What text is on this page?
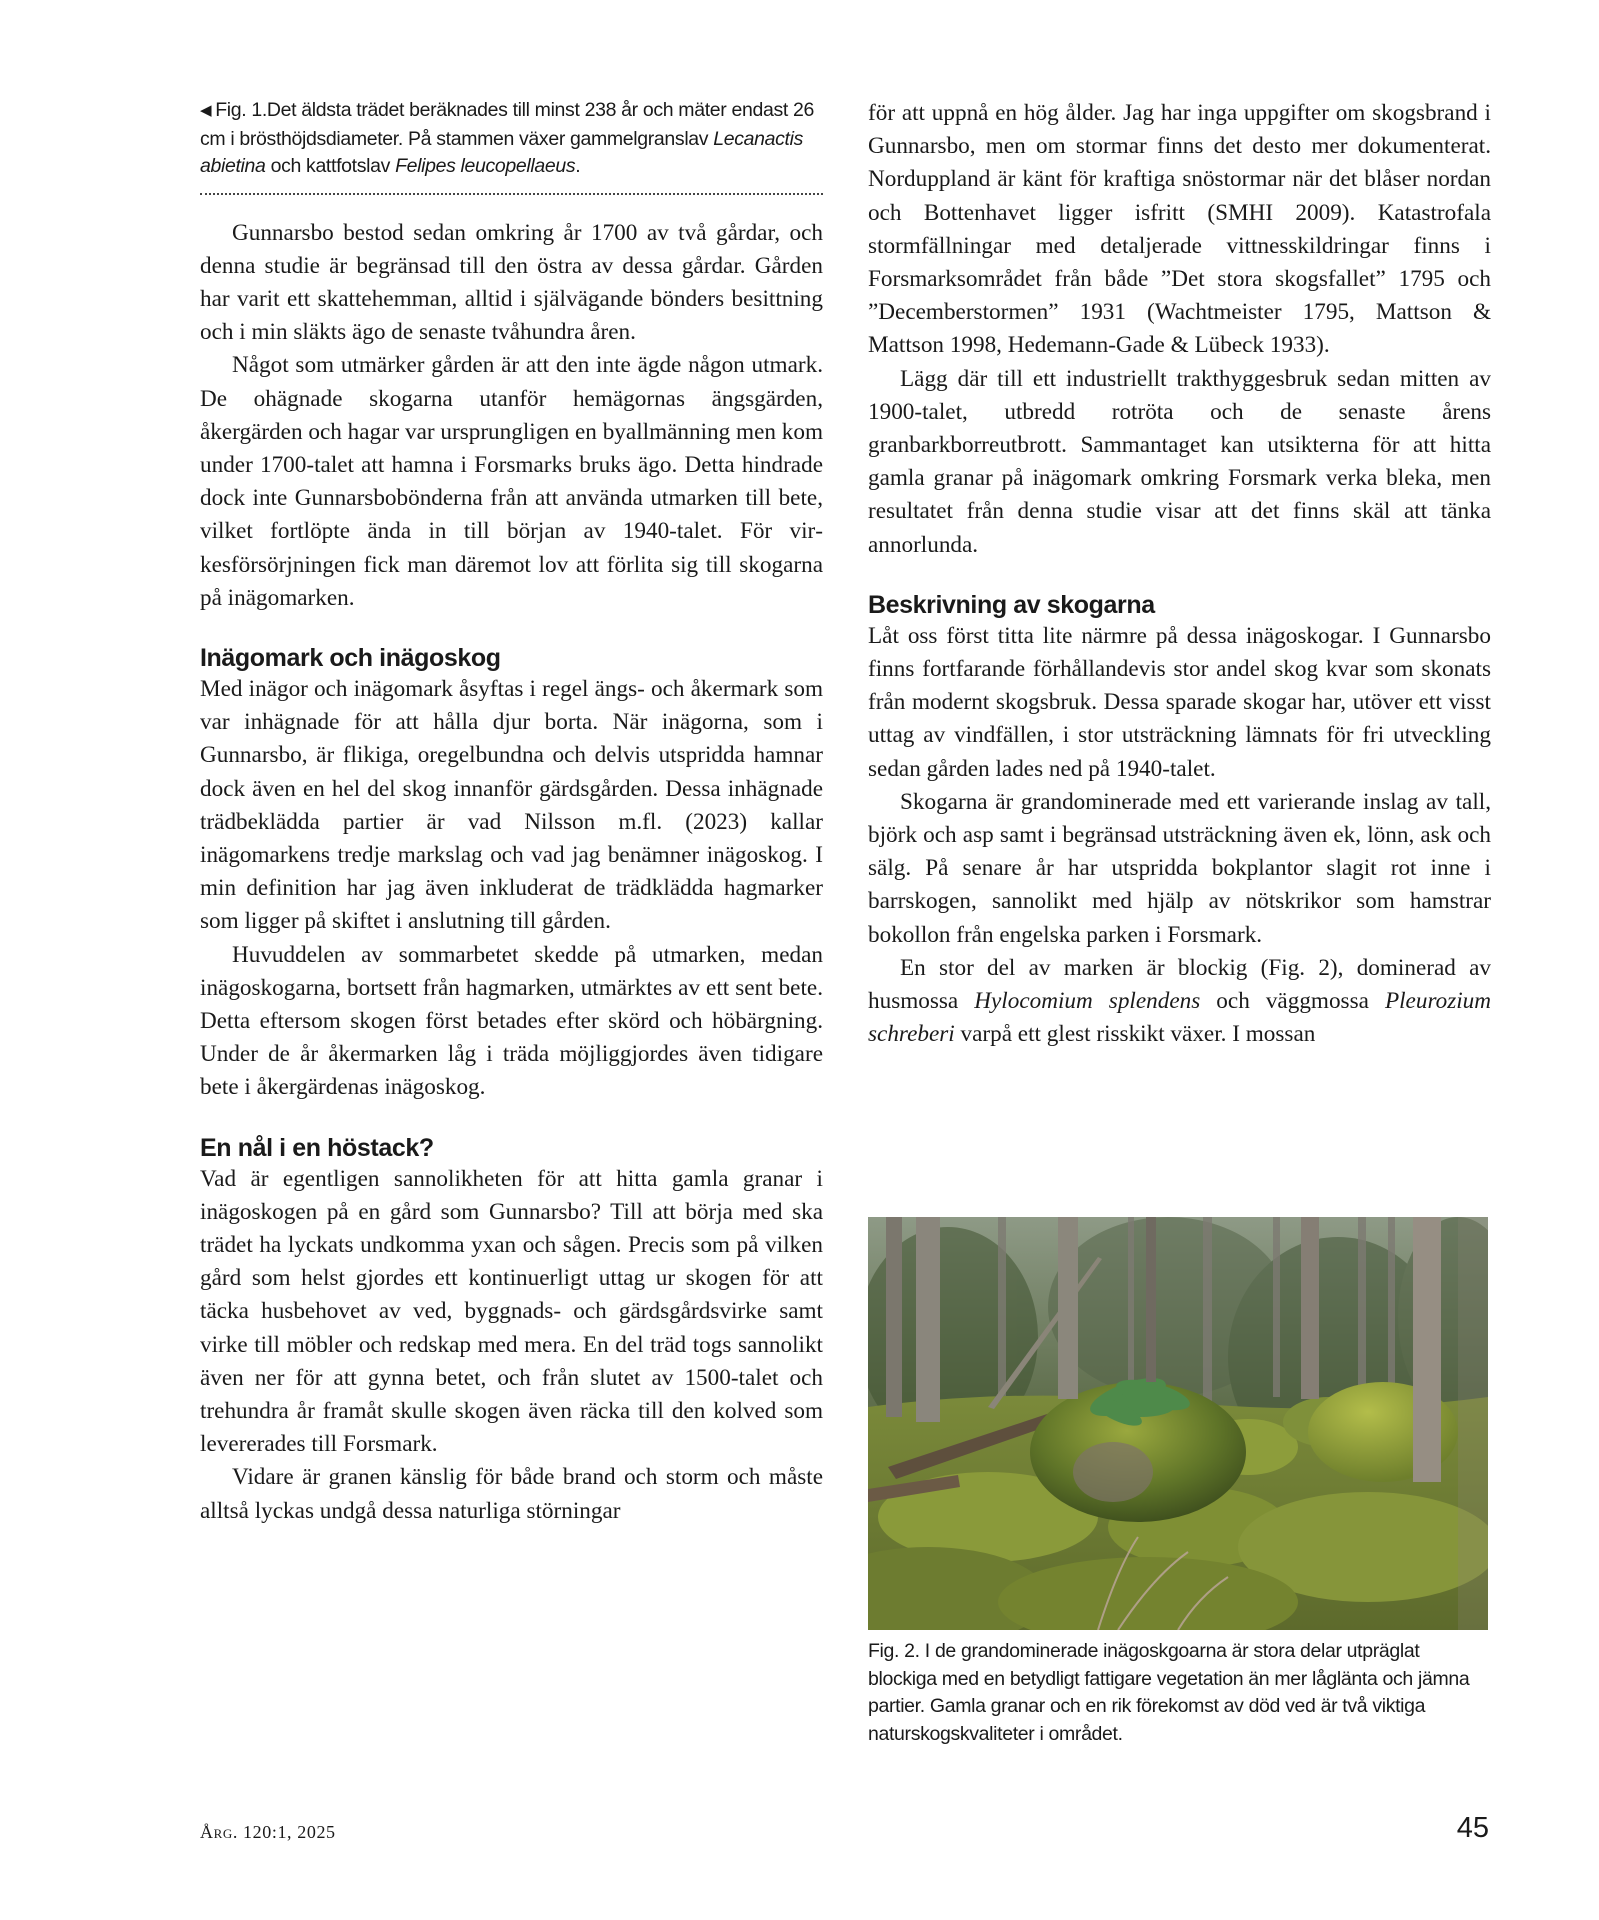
◀ Fig. 1.Det äldsta trädet beräknades till minst 238 år och mäter endast 26 cm i brösthöjdsdiameter. På stammen växer gammelgranslav Lecanactis abietina och kattfotslav Felipes leucopellaeus.

Gunnarsbo bestod sedan omkring år 1700 av två gårdar, och denna studie är begränsad till den östra av dessa gårdar. Gården har varit ett skattehemman, alltid i självägande bönders besittning och i min släkts ägo de senaste tvåhundra åren.

Något som utmärker gården är att den inte ägde någon utmark. De ohägnade skogarna utanför hemägornas ängsgärden, åkergärden och hagar var ursprungligen en byallmänning men kom under 1700-talet att hamna i Forsmarks bruks ägo. Detta hindrade dock inte Gunnarsbobönderna från att använda utmarken till bete, vilket fortlöpte ända in till början av 1940-talet. För virkesförsörjningen fick man däremot lov att förlita sig till skogarna på inägomarken.

Inägomark och inägoskog

Med inägor och inägomark åsyftas i regel ängs- och åkermark som var inhägnade för att hålla djur borta. När inägorna, som i Gunnarsbo, är flikiga, oregelbundna och delvis utspridda hamnar dock även en hel del skog innanför gärdsgården. Dessa inhägnade trädbeklädda partier är vad Nilsson m.fl. (2023) kallar inägomarkens tredje markslag och vad jag benämner inägoskog. I min definition har jag även inkluderat de trädklädda hagmarker som ligger på skiftet i anslutning till gården.

Huvuddelen av sommarbetet skedde på utmarken, medan inägoskogarna, bortsett från hagmarken, utmärktes av ett sent bete. Detta eftersom skogen först betades efter skörd och höbärgning. Under de år åkermarken låg i träda möjliggjordes även tidigare bete i åkergärdenas inägoskog.

En nål i en höstack?

Vad är egentligen sannolikheten för att hitta gamla granar i inägoskogen på en gård som Gunnarsbo? Till att börja med ska trädet ha lyckats undkomma yxan och sågen. Precis som på vilken gård som helst gjordes ett kontinuerligt uttag ur skogen för att täcka husbehovet av ved, byggnads- och gärdsgårdsvirke samt virke till möbler och redskap med mera. En del träd togs sannolikt även ner för att gynna betet, och från slutet av 1500-talet och trehundra år framåt skulle skogen även räcka till den kolved som levererades till Forsmark.

Vidare är granen känslig för både brand och storm och måste alltså lyckas undgå dessa naturliga störningar

för att uppnå en hög ålder. Jag har inga uppgifter om skogsbrand i Gunnarsbo, men om stormar finns det desto mer dokumenterat. Norduppland är känt för kraftiga snöstormar när det blåser nordan och Bottenhavet ligger isfritt (SMHI 2009). Katastrofala stormfällningar med detaljerade vittnesskildringar finns i Forsmarksområdet från både ”Det stora skogsfallet” 1795 och ”Decemberstormen” 1931 (Wachtmeister 1795, Mattson & Mattson 1998, Hedemann-Gade & Lübeck 1933).

Lägg där till ett industriellt trakthyggesbruk sedan mitten av 1900-talet, utbredd rotröta och de senaste årens granbarkborreutbrott. Sammantaget kan utsikterna för att hitta gamla granar på inägomark omkring Forsmark verka bleka, men resultatet från denna studie visar att det finns skäl att tänka annorlunda.

Beskrivning av skogarna

Låt oss först titta lite närmre på dessa inägoskogar. I Gunnarsbo finns fortfarande förhållandevis stor andel skog kvar som skonats från modernt skogsbruk. Dessa sparade skogar har, utöver ett visst uttag av vindfällen, i stor utsträckning lämnats för fri utveckling sedan gården lades ned på 1940-talet.

Skogarna är grandominerade med ett varierande inslag av tall, björk och asp samt i begränsad utsträckning även ek, lönn, ask och sälg. På senare år har utspridda bokplantor slagit rot inne i barrskogen, sannolikt med hjälp av nötskrikor som hamstrar bokollon från engelska parken i Forsmark.

En stor del av marken är blockig (Fig. 2), dominerad av husmossa Hylocomium splendens och väggmossa Pleurozium schreberi varpå ett glest risskikt växer. I mossan

Fig. 2. I de grandominerade inägoskgoarna är stora delar utpräglat blockiga med en betydligt fattigare vegetation än mer låglänta och jämna partier. Gamla granar och en rik förekomst av död ved är två viktiga naturskogskvaliteter i området.
Årg. 120:1, 2025	45
